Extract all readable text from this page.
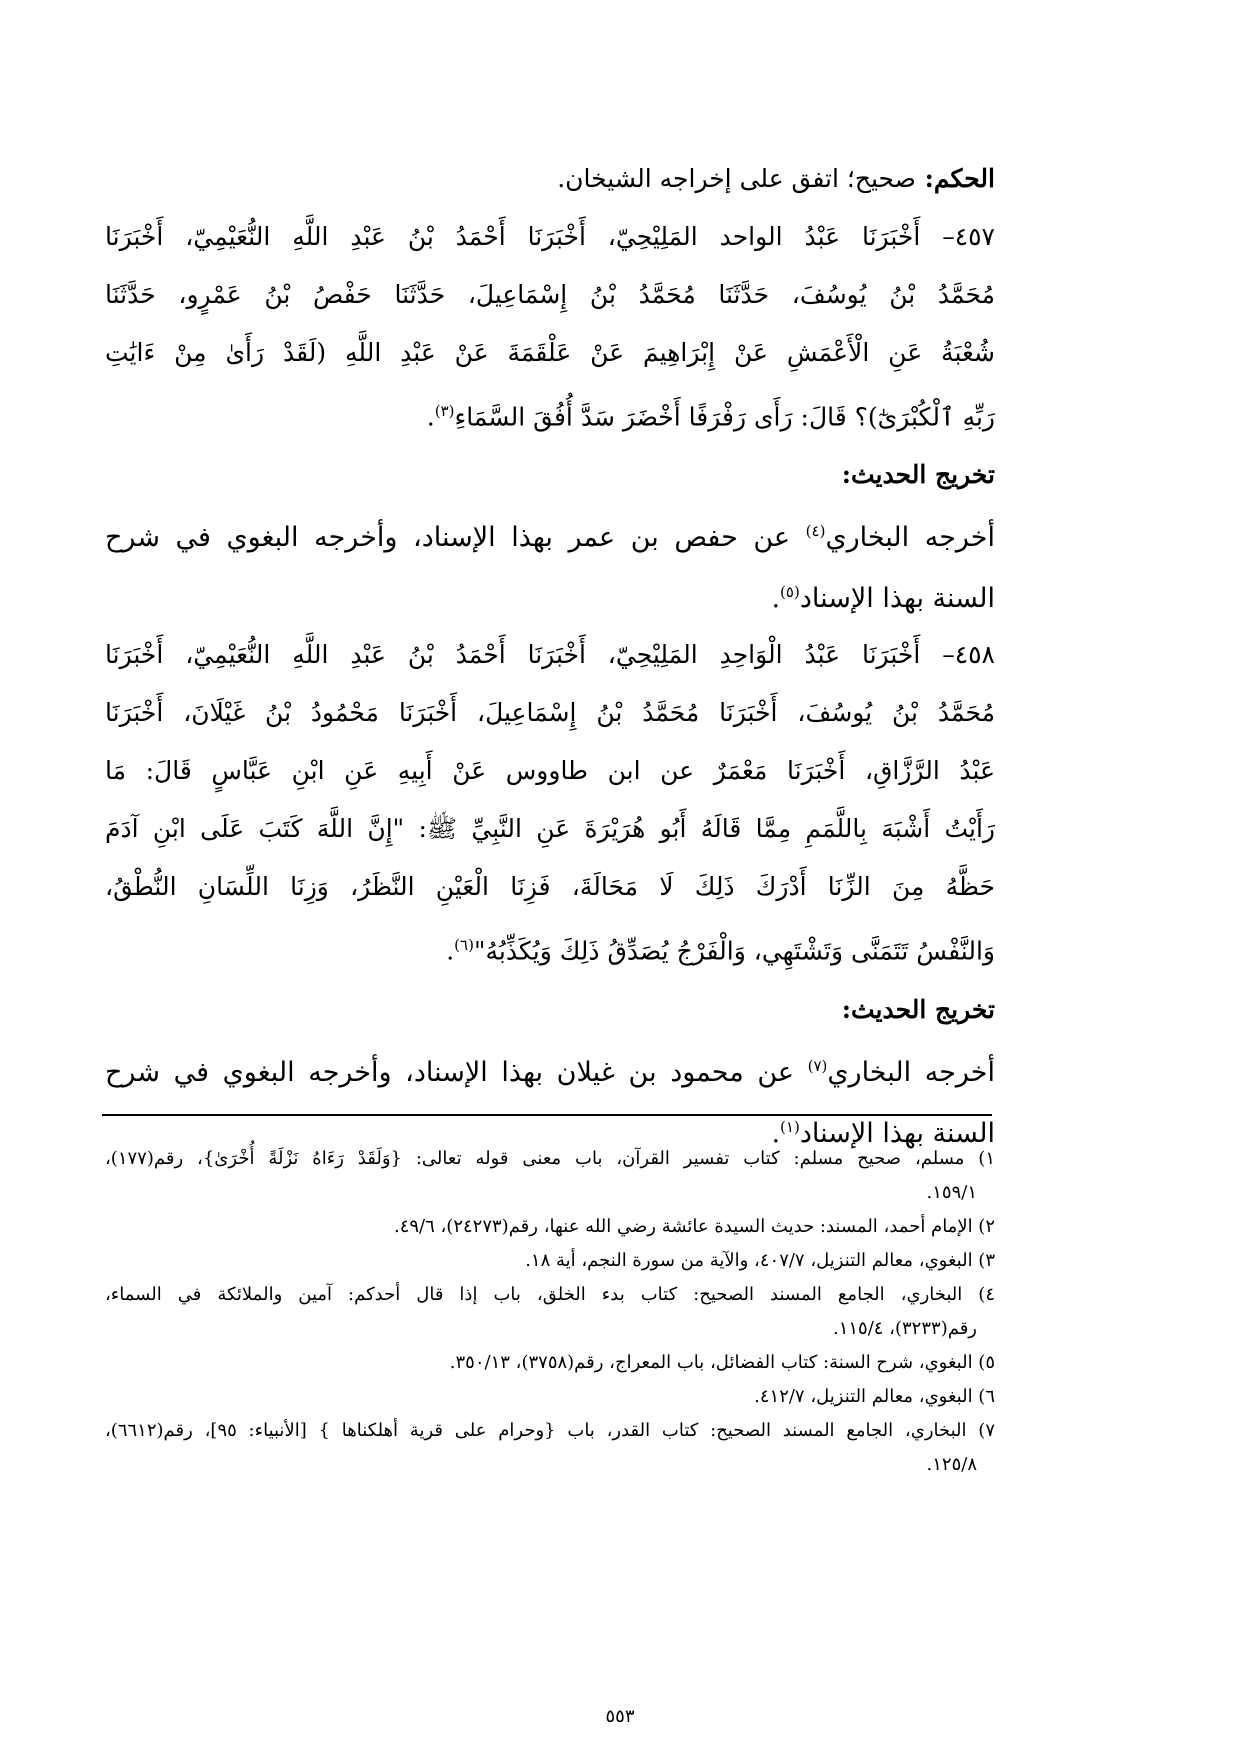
الحكم: صحيح؛ اتفق على إخراجه الشيخان.
٤٥٧– أَخْبَرَنَا عَبْدُ الواحد المَلِيْحِيّ، أَخْبَرَنَا أَحْمَدُ بْنُ عَبْدِ اللَّهِ النُّعَيْمِيّ، أَخْبَرَنَا
مُحَمَّدُ بْنُ يُوسُفَ، حَدَّثَنَا مُحَمَّدُ بْنُ إِسْمَاعِيلَ، حَدَّثَنَا حَفْصُ بْنُ عَمْرٍو، حَدَّثَنَا
شُعْبَةُ عَنِ الْأَعْمَشِ عَنْ إِبْرَاهِيمَ عَنْ عَلْقَمَةَ عَنْ عَبْدِ اللَّهِ (لَقَدْ رَأَىٰ مِنْ ءَايَٰتِ
رَبِّهِ ٱلْكُبْرَىٰٓ)؟ قَالَ: رَأَى رَفْرَفًا أَخْضَرَ سَدَّ أُفُقَ السَّمَاءِ$^{(٣)}$.
تخريج الحديث:
أخرجه البخاري$^{(٤)}$ عن حفص بن عمر بهذا الإسناد، وأخرجه البغوي في شرح
السنة بهذا الإسناد$^{(٥)}$.
٤٥٨– أَخْبَرَنَا عَبْدُ الْوَاحِدِ المَلِيْحِيّ، أَخْبَرَنَا أَحْمَدُ بْنُ عَبْدِ اللَّهِ النُّعَيْمِيّ، أَخْبَرَنَا
مُحَمَّدُ بْنُ يُوسُفَ، أَخْبَرَنَا مُحَمَّدُ بْنُ إِسْمَاعِيلَ، أَخْبَرَنَا مَحْمُودُ بْنُ غَيْلَانَ، أَخْبَرَنَا
عَبْدُ الرَّزَّاقِ، أَخْبَرَنَا مَعْمَرٌ عن ابن طاووس عَنْ أَبِيهِ عَنِ ابْنِ عَبَّاسٍ قَالَ: مَا
رَأَيْتُ أَشْبَهَ بِاللَّمَمِ مِمَّا قَالَهُ أَبُو هُرَيْرَةَ عَنِ النَّبِيِّ ﷺ: "إِنَّ اللَّهَ كَتَبَ عَلَى ابْنِ آدَمَ
حَظَّهُ مِنَ الزِّنَا أَدْرَكَ ذَلِكَ لَا مَحَالَةَ، فَزِنَا الْعَيْنِ النَّظَرُ، وَزِنَا اللِّسَانِ النُّطْقُ،
وَالنَّفْسُ تَتَمَنَّى وَتَشْتَهِي، وَالْفَرْجُ يُصَدِّقُ ذَلِكَ وَيُكَذِّبُهُ"$^{(٦)}$.
تخريج الحديث:
أخرجه البخاري$^{(٧)}$ عن محمود بن غيلان بهذا الإسناد، وأخرجه البغوي في شرح
السنة بهذا الإسناد$^{(١)}$.
١) مسلم، صحيح مسلم: كتاب تفسير القرآن، باب معنى قوله تعالى: {وَلَقَدْ رَءَاهُ نَزْلَةً أُخْرَىٰ}، رقم(١٧٧)،
١٥٩/١.
٢) الإمام أحمد، المسند: حديث السيدة عائشة رضي الله عنها، رقم(٢٤٢٧٣)، ٤٩/٦.
٣) البغوي، معالم التنزيل، ٤٠٧/٧، والآية من سورة النجم، أية ١٨.
٤) البخاري، الجامع المسند الصحيح: كتاب بدء الخلق، باب إذا قال أحدكم: آمين والملائكة في السماء،
رقم(٣٢٣٣)، ١١٥/٤.
٥) البغوي، شرح السنة: كتاب الفضائل، باب المعراج، رقم(٣٧٥٨)، ٣٥٠/١٣.
٦) البغوي، معالم التنزيل، ٤١٢/٧.
٧) البخاري، الجامع المسند الصحيح: كتاب القدر، باب {وحرام على قرية أهلكناها } [الأنبياء: ٩٥]، رقم(٦٦١٢)،
١٢٥/٨.
٥٥٣
